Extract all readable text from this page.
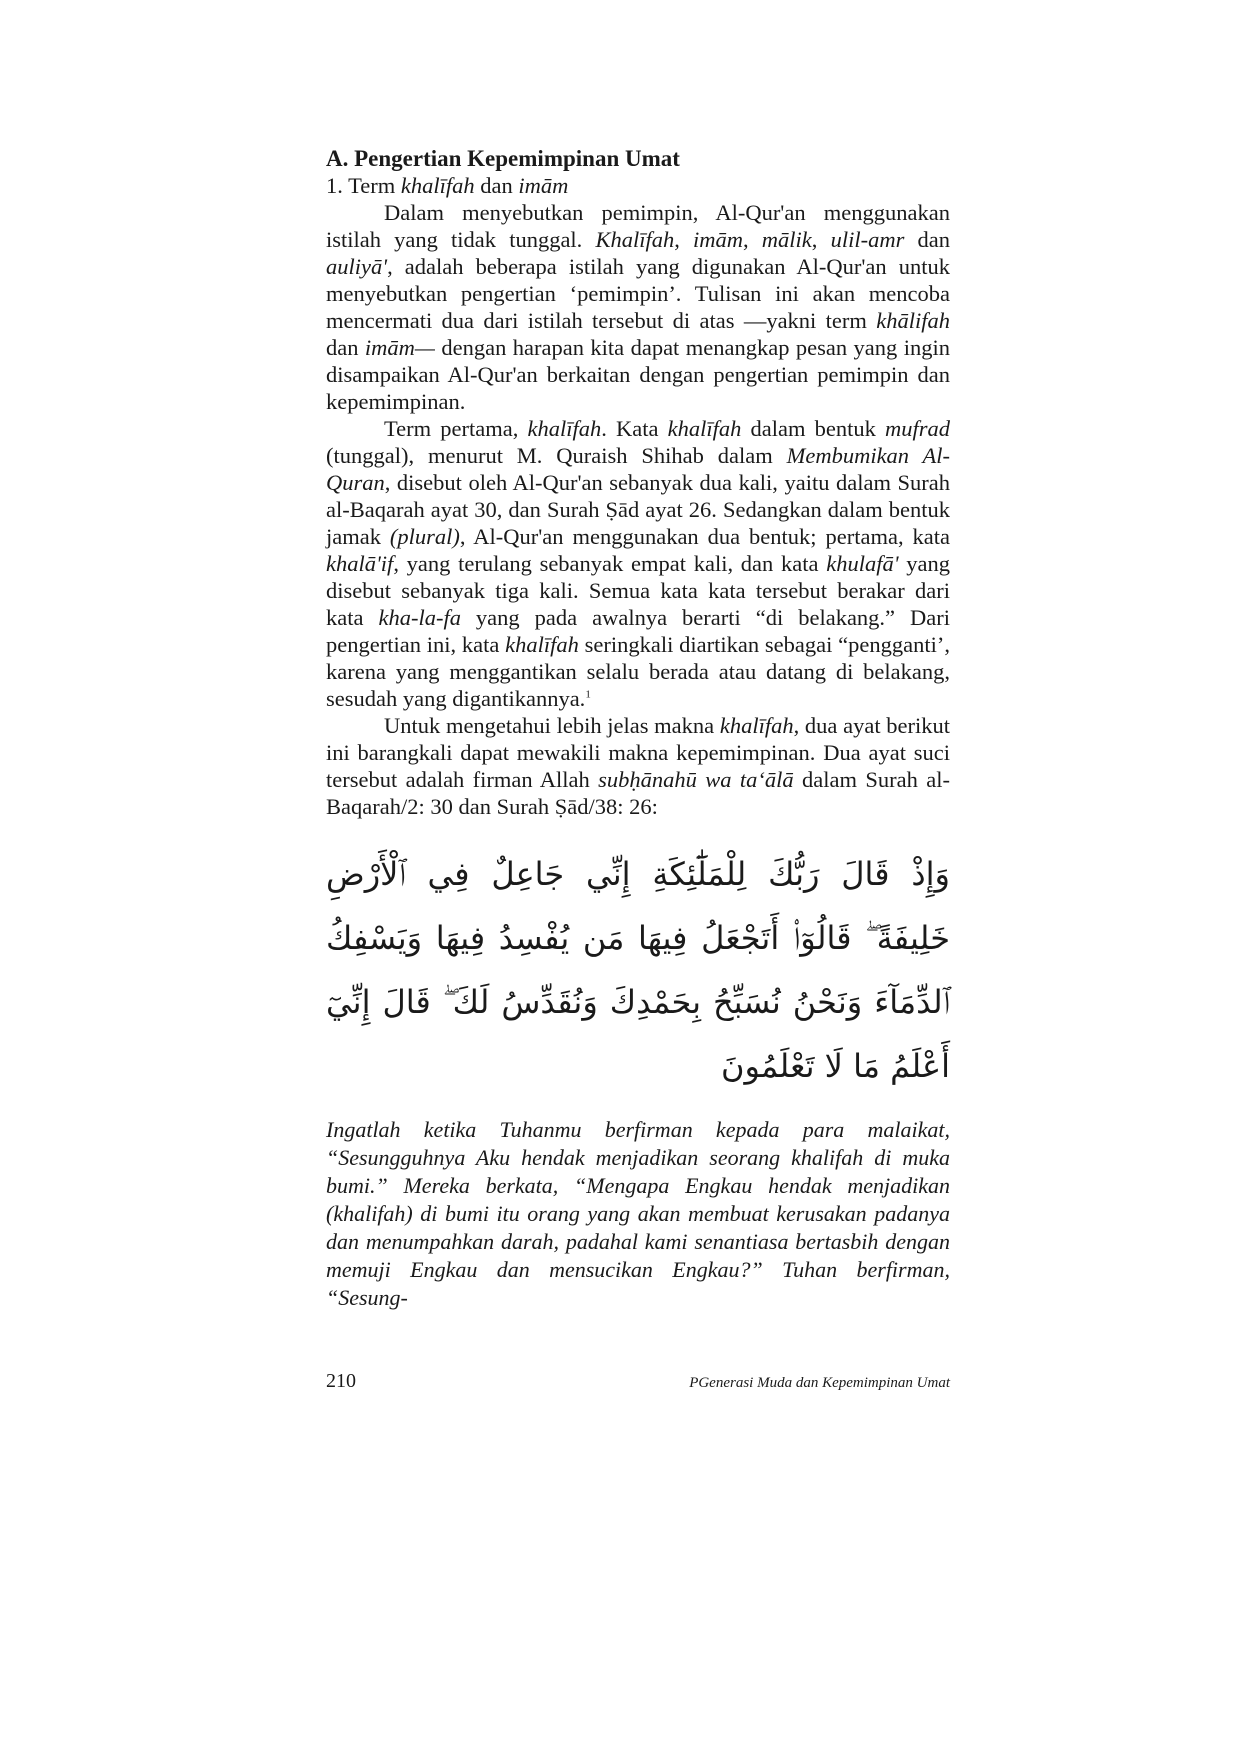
A. Pengertian Kepemimpinan Umat
1. Term khalīfah dan imām

Dalam menyebutkan pemimpin, Al-Qur'an menggunakan istilah yang tidak tunggal. Khalīfah, imām, mālik, ulil-amr dan auliyā', adalah beberapa istilah yang digunakan Al-Qur'an untuk menyebutkan pengertian ‘pemimpin’. Tulisan ini akan mencoba mencermati dua dari istilah tersebut di atas —yakni term khālifah dan imām— dengan harapan kita dapat menangkap pesan yang ingin disampaikan Al-Qur'an berkaitan dengan pengertian pemimpin dan kepemimpinan.

Term pertama, khalīfah. Kata khalīfah dalam bentuk mufrad (tunggal), menurut M. Quraish Shihab dalam Membumikan Al-Quran, disebut oleh Al-Qur'an sebanyak dua kali, yaitu dalam Surah al-Baqarah ayat 30, dan Surah Ṣād ayat 26. Sedangkan dalam bentuk jamak (plural), Al-Qur'an menggunakan dua bentuk; pertama, kata khalā'if, yang terulang sebanyak empat kali, dan kata khulafā' yang disebut sebanyak tiga kali. Semua kata kata tersebut berakar dari kata kha-la-fa yang pada awalnya berarti “di belakang.” Dari pengertian ini, kata khalīfah seringkali diartikan sebagai “pengganti’, karena yang menggantikan selalu berada atau datang di belakang, sesudah yang digantikannya.$^1$

Untuk mengetahui lebih jelas makna khalīfah, dua ayat berikut ini barangkali dapat mewakili makna kepemimpinan. Dua ayat suci tersebut adalah firman Allah subḥānahū wa ta‘ālā dalam Surah al-Baqarah/2: 30 dan Surah Ṣād/38: 26:

وَإِذْ قَالَ رَبُّكَ لِلْمَلَٰٓئِكَةِ إِنِّي جَاعِلٌ فِي ٱلْأَرْضِ خَلِيفَةً ۖ قَالُوٓا۟ أَتَجْعَلُ فِيهَا مَن يُفْسِدُ فِيهَا وَيَسْفِكُ ٱلدِّمَآءَ وَنَحْنُ نُسَبِّحُ بِحَمْدِكَ وَنُقَدِّسُ لَكَ ۖ قَالَ إِنِّيٓ أَعْلَمُ مَا لَا تَعْلَمُونَ
Ingatlah ketika Tuhanmu berfirman kepada para malaikat, “Sesungguhnya Aku hendak menjadikan seorang khalifah di muka bumi.” Mereka berkata, “Mengapa Engkau hendak menjadikan (khalifah) di bumi itu orang yang akan membuat kerusakan padanya dan menumpahkan darah, padahal kami senantiasa bertasbih dengan memuji Engkau dan mensucikan Engkau?” Tuhan berfirman, “Sesung-
210	PGenerasi Muda dan Kepemimpinan Umat
